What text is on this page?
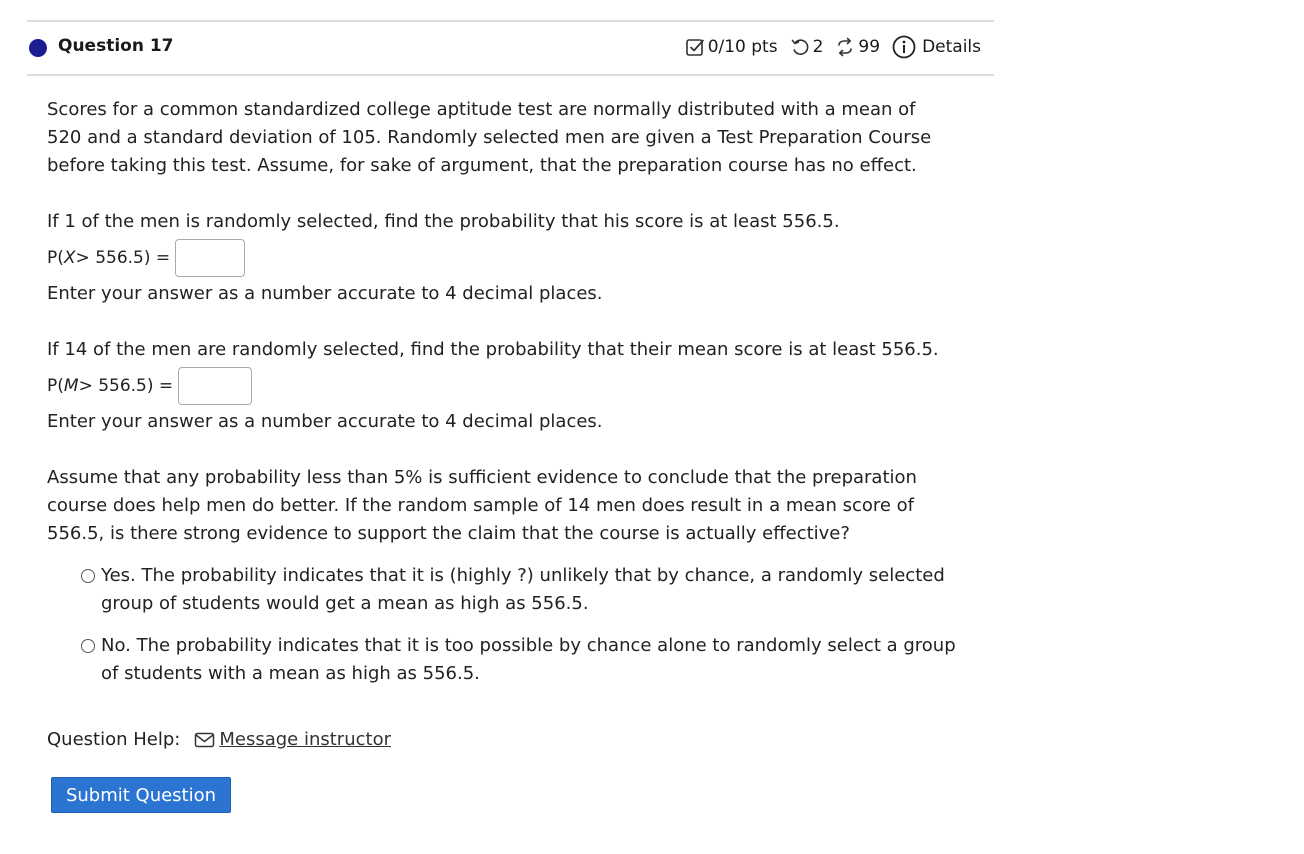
Question 17	0/10 pts 2 99 Details

Scores for a common standardized college aptitude test are normally distributed with a mean of
520 and a standard deviation of 105. Randomly selected men are given a Test Preparation Course
before taking this test. Assume, for sake of argument, that the preparation course has no effect.

If 1 of the men is randomly selected, find the probability that his score is at least 556.5.

P( X > 556.5) =

Enter your answer as a number accurate to 4 decimal places.

If 14 of the men are randomly selected, find the probability that their mean score is at least 556.5.

P( M > 556.5) =

Enter your answer as a number accurate to 4 decimal places.

Assume that any probability less than 5% is sufficient evidence to conclude that the preparation
course does help men do better. If the random sample of 14 men does result in a mean score of
556.5, is there strong evidence to support the claim that the course is actually effective?

Yes. The probability indicates that it is (highly ?) unlikely that by chance, a randomly selected
group of students would get a mean as high as 556.5.
No. The probability indicates that it is too possible by chance alone to randomly select a group
of students with a mean as high as 556.5.
Question Help: Message instructor
Submit Question
